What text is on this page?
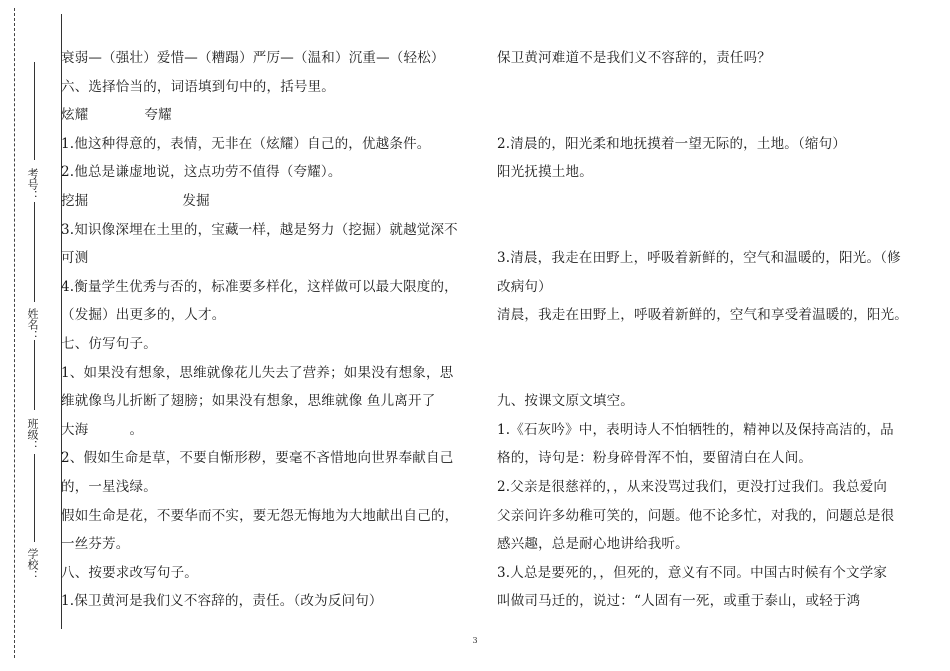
考号：
姓名：
班级：
学校：
衰弱—（强壮）爱惜—（糟蹋）严厉—（温和）沉重—（轻松）
六、选择恰当的，词语填到句中的，括号里。
炫耀	夸耀
1.他这种得意的，表情，无非在（炫耀）自己的，优越条件。
2.他总是谦虚地说，这点功劳不值得（夸耀）。
挖掘	发掘
3.知识像深埋在土里的，宝藏一样，越是努力（挖掘）就越觉深不
可测
4.衡量学生优秀与否的，标准要多样化，这样做可以最大限度的，
（发掘）出更多的，人才。
七、仿写句子。
1、如果没有想象，思维就像花儿失去了营养；如果没有想象，思
维就像鸟儿折断了翅膀；如果没有想象，思维就像 鱼儿离开了
大海　　　。
2、假如生命是草，不要自惭形秽，要毫不吝惜地向世界奉献自己
的，一星浅绿。
假如生命是花，不要华而不实，要无怨无悔地为大地献出自己的，
一丝芬芳。
八、按要求改写句子。
1.保卫黄河是我们义不容辞的，责任。（改为反问句）
保卫黄河难道不是我们义不容辞的，责任吗？
2.清晨的，阳光柔和地抚摸着一望无际的，土地。（缩句）
阳光抚摸土地。
3.清晨，我走在田野上，呼吸着新鲜的，空气和温暖的，阳光。（修
改病句）
清晨，我走在田野上，呼吸着新鲜的，空气和享受着温暖的，阳光。
九、按课文原文填空。
1.《石灰吟》中，表明诗人不怕牺牲的，精神以及保持高洁的，品
格的，诗句是：粉身碎骨浑不怕，要留清白在人间。
2.父亲是很慈祥的，，从来没骂过我们，更没打过我们。我总爱向
父亲问许多幼稚可笑的，问题。他不论多忙，对我的，问题总是很
感兴趣，总是耐心地讲给我听。
3.人总是要死的，，但死的，意义有不同。中国古时候有个文学家
叫做司马迁的，说过：“人固有一死，或重于泰山，或轻于鸿
3
